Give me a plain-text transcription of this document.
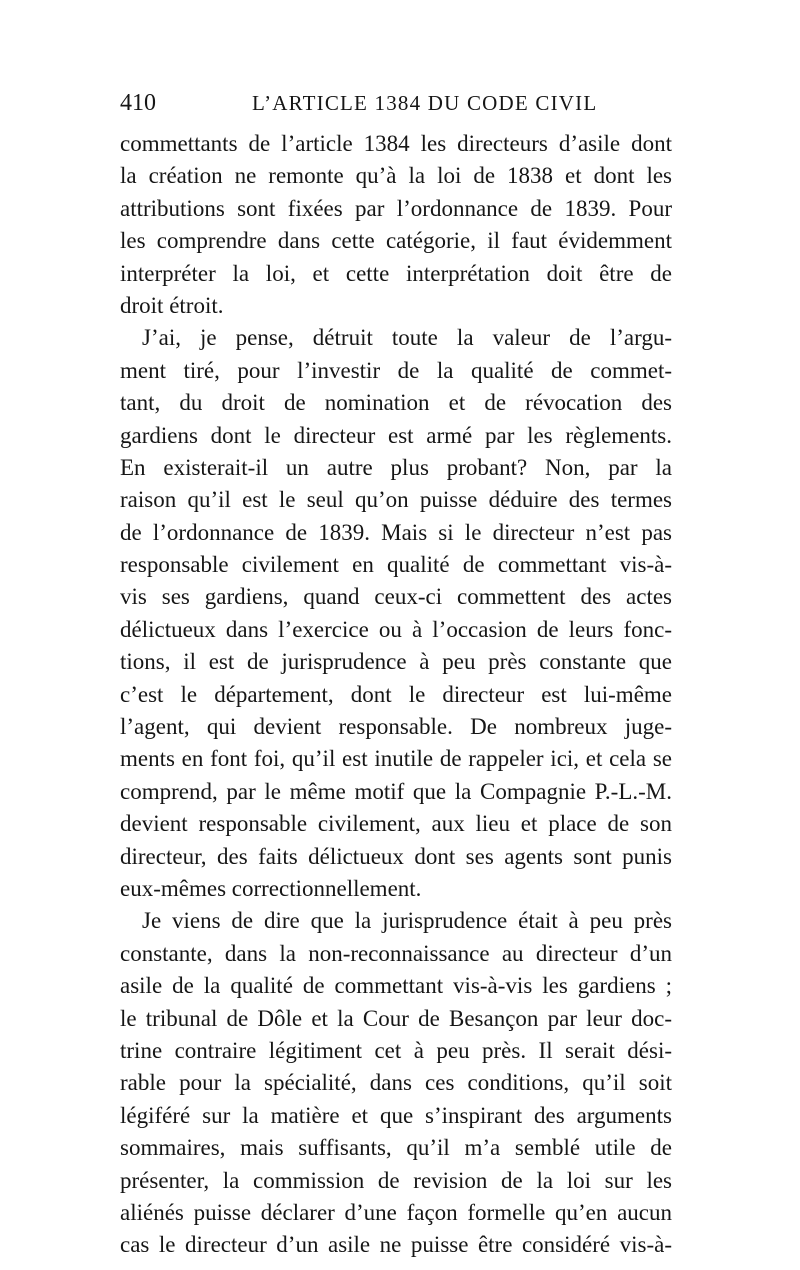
410	L’ARTICLE 1384 DU CODE CIVIL
commettants de l’article 1384 les directeurs d’asile dont
la création ne remonte qu’à la loi de 1838 et dont les
attributions sont fixées par l’ordonnance de 1839. Pour
les comprendre dans cette catégorie, il faut évidemment
interpréter la loi, et cette interprétation doit être de
droit étroit.
J’ai, je pense, détruit toute la valeur de l’argu-
ment tiré, pour l’investir de la qualité de commet-
tant, du droit de nomination et de révocation des
gardiens dont le directeur est armé par les règlements.
En existerait-il un autre plus probant? Non, par la
raison qu’il est le seul qu’on puisse déduire des termes
de l’ordonnance de 1839. Mais si le directeur n’est pas
responsable civilement en qualité de commettant vis-à-
vis ses gardiens, quand ceux-ci commettent des actes
délictueux dans l’exercice ou à l’occasion de leurs fonc-
tions, il est de jurisprudence à peu près constante que
c’est le département, dont le directeur est lui-même
l’agent, qui devient responsable. De nombreux juge-
ments en font foi, qu’il est inutile de rappeler ici, et cela se
comprend, par le même motif que la Compagnie P.-L.-M.
devient responsable civilement, aux lieu et place de son
directeur, des faits délictueux dont ses agents sont punis
eux-mêmes correctionnellement.
Je viens de dire que la jurisprudence était à peu près
constante, dans la non-reconnaissance au directeur d’un
asile de la qualité de commettant vis-à-vis les gardiens ;
le tribunal de Dôle et la Cour de Besançon par leur doc-
trine contraire légitiment cet à peu près. Il serait dési-
rable pour la spécialité, dans ces conditions, qu’il soit
légiféré sur la matière et que s’inspirant des arguments
sommaires, mais suffisants, qu’il m’a semblé utile de
présenter, la commission de revision de la loi sur les
aliénés puisse déclarer d’une façon formelle qu’en aucun
cas le directeur d’un asile ne puisse être considéré vis-à-
